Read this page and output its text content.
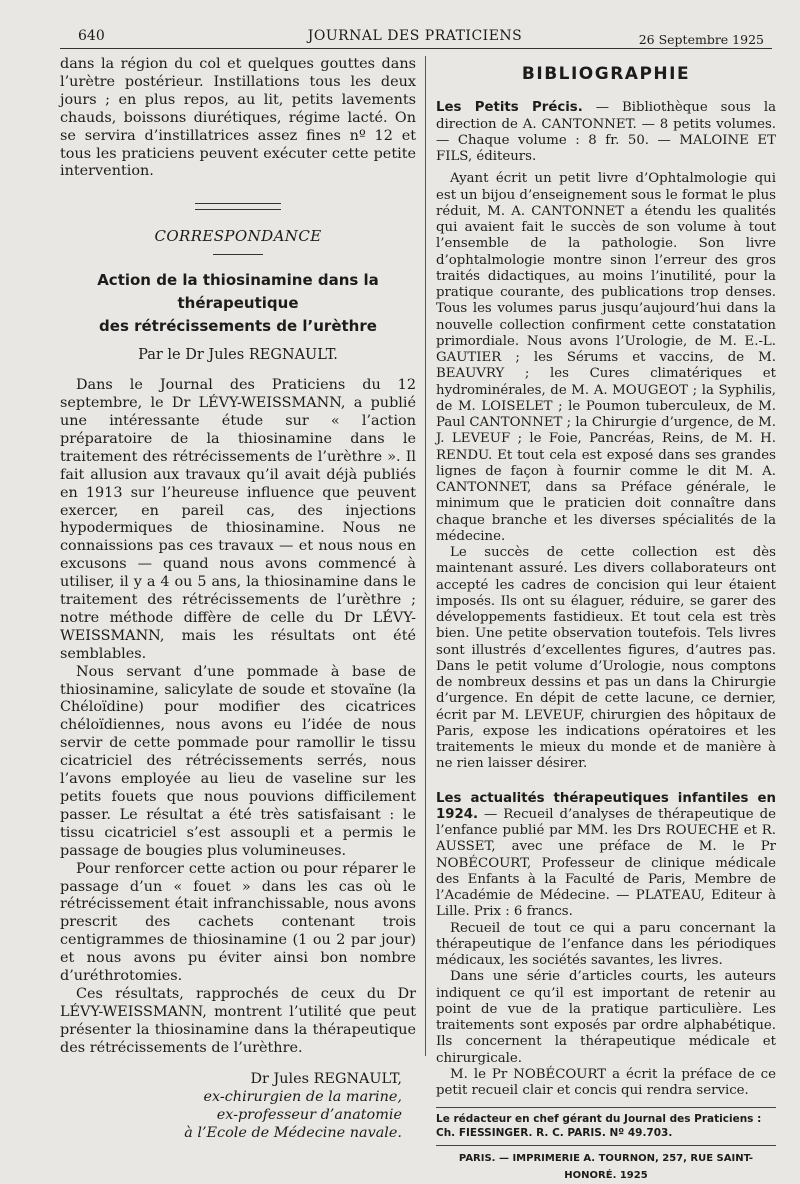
640	JOURNAL DES PRATICIENS	26 Septembre 1925

dans la région du col et quelques gouttes dans l’urètre postérieur. Instillations tous les deux jours ; en plus repos, au lit, petits lavements chauds, boissons diurétiques, régime lacté. On se servira d’instillatrices assez fines nº 12 et tous les praticiens peuvent exécuter cette petite intervention.

CORRESPONDANCE
Action de la thiosinamine dans la thérapeutique
des rétrécissements de l’urèthre
Par le Dr Jules REGNAULT.

Dans le Journal des Praticiens du 12 septembre, le Dr LÉVY-WEISSMANN, a publié une intéressante étude sur « l’action préparatoire de la thiosinamine dans le traitement des rétrécissements de l’urèthre ». Il fait allusion aux travaux qu’il avait déjà publiés en 1913 sur l’heureuse influence que peuvent exercer, en pareil cas, des injections hypodermiques de thiosinamine. Nous ne connaissions pas ces travaux — et nous nous en excusons — quand nous avons commencé à utiliser, il y a 4 ou 5 ans, la thiosinamine dans le traitement des rétrécissements de l’urèthre ; notre méthode diffère de celle du Dr LÉVY-WEISSMANN, mais les résultats ont été semblables.

Nous servant d’une pommade à base de thiosinamine, salicylate de soude et stovaïne (la Chéloïdine) pour modifier des cicatrices chéloïdiennes, nous avons eu l’idée de nous servir de cette pommade pour ramollir le tissu cicatriciel des rétrécissements serrés, nous l’avons employée au lieu de vaseline sur les petits fouets que nous pouvions difficilement passer. Le résultat a été très satisfaisant : le tissu cicatriciel s’est assoupli et a permis le passage de bougies plus volumineuses.

Pour renforcer cette action ou pour réparer le passage d’un « fouet » dans les cas où le rétrécissement était infranchissable, nous avons prescrit des cachets contenant trois centigrammes de thiosinamine (1 ou 2 par jour) et nous avons pu éviter ainsi bon nombre d’uréthrotomies.

Ces résultats, rapprochés de ceux du Dr LÉVY-WEISSMANN, montrent l’utilité que peut présenter la thiosinamine dans la thérapeutique des rétrécissements de l’urèthre.

Dr Jules REGNAULT,
ex-chirurgien de la marine,
ex-professeur d’anatomie
à l’Ecole de Médecine navale.
BIBLIOGRAPHIE

Les Petits Précis. — Bibliothèque sous la direction de A. CANTONNET. — 8 petits volumes. — Chaque volume : 8 fr. 50. — MALOINE ET FILS, éditeurs.

Ayant écrit un petit livre d’Ophtalmologie qui est un bijou d’enseignement sous le format le plus réduit, M. A. CANTONNET a étendu les qualités qui avaient fait le succès de son volume à tout l’ensemble de la pathologie. Son livre d’ophtalmologie montre sinon l’erreur des gros traités didactiques, au moins l’inutilité, pour la pratique courante, des publications trop denses. Tous les volumes parus jusqu’aujourd’hui dans la nouvelle collection confirment cette constatation primordiale. Nous avons l’Urologie, de M. E.-L. GAUTIER ; les Sérums et vaccins, de M. BEAUVRY ; les Cures climatériques et hydrominérales, de M. A. MOUGEOT ; la Syphilis, de M. LOISELET ; le Poumon tuberculeux, de M. Paul CANTONNET ; la Chirurgie d’urgence, de M. J. LEVEUF ; le Foie, Pancréas, Reins, de M. H. RENDU. Et tout cela est exposé dans ses grandes lignes de façon à fournir comme le dit M. A. CANTONNET, dans sa Préface générale, le minimum que le praticien doit connaître dans chaque branche et les diverses spécialités de la médecine.

Le succès de cette collection est dès maintenant assuré. Les divers collaborateurs ont accepté les cadres de concision qui leur étaient imposés. Ils ont su élaguer, réduire, se garer des développements fastidieux. Et tout cela est très bien. Une petite observation toutefois. Tels livres sont illustrés d’excellentes figures, d’autres pas. Dans le petit volume d’Urologie, nous comptons de nombreux dessins et pas un dans la Chirurgie d’urgence. En dépit de cette lacune, ce dernier, écrit par M. LEVEUF, chirurgien des hôpitaux de Paris, expose les indications opératoires et les traitements le mieux du monde et de manière à ne rien laisser désirer.

Les actualités thérapeutiques infantiles en 1924. — Recueil d’analyses de thérapeutique de l’enfance publié par MM. les Drs ROUECHE et R. AUSSET, avec une préface de M. le Pr NOBÉCOURT, Professeur de clinique médicale des Enfants à la Faculté de Paris, Membre de l’Académie de Médecine. — PLATEAU, Editeur à Lille. Prix : 6 francs.

Recueil de tout ce qui a paru concernant la thérapeutique de l’enfance dans les périodiques médicaux, les sociétés savantes, les livres.

Dans une série d’articles courts, les auteurs indiquent ce qu’il est important de retenir au point de vue de la pratique particulière. Les traitements sont exposés par ordre alphabétique. Ils concernent la thérapeutique médicale et chirurgicale.

M. le Pr NOBÉCOURT a écrit la préface de ce petit recueil clair et concis qui rendra service.

Le rédacteur en chef gérant du Journal des Praticiens : Ch. FIESSINGER. R. C. PARIS. Nº 49.703.
PARIS. — IMPRIMERIE A. TOURNON, 257, RUE SAINT-HONORÉ. 1925
